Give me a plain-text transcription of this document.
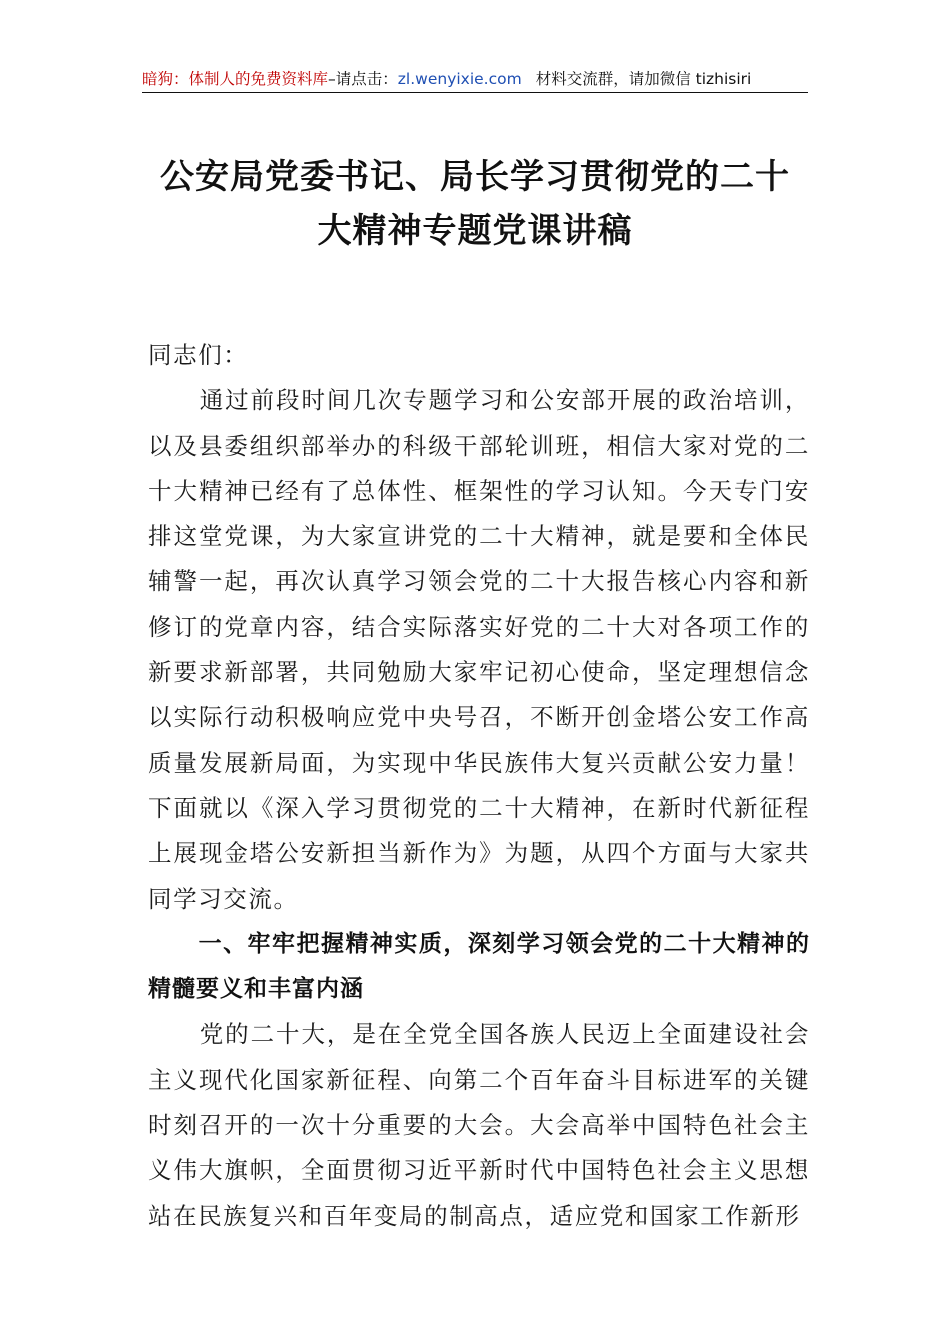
暗狗：体制人的免费资料库–请点击：zl.wenyixie.com 材料交流群，请加微信 tizhisiri
公安局党委书记、局长学习贯彻党的二十
大精神专题党课讲稿

同志们：

通过前段时间几次专题学习和公安部开展的政治培训，以及县委组织部举办的科级干部轮训班，相信大家对党的二十大精神已经有了总体性、框架性的学习认知。今天专门安排这堂党课，为大家宣讲党的二十大精神，就是要和全体民辅警一起，再次认真学习领会党的二十大报告核心内容和新修订的党章内容，结合实际落实好党的二十大对各项工作的新要求新部署，共同勉励大家牢记初心使命，坚定理想信念以实际行动积极响应党中央号召，不断开创金塔公安工作高质量发展新局面，为实现中华民族伟大复兴贡献公安力量！下面就以《深入学习贯彻党的二十大精神，在新时代新征程上展现金塔公安新担当新作为》为题，从四个方面与大家共同学习交流。

一、牢牢把握精神实质，深刻学习领会党的二十大精神的精髓要义和丰富内涵

党的二十大，是在全党全国各族人民迈上全面建设社会主义现代化国家新征程、向第二个百年奋斗目标进军的关键时刻召开的一次十分重要的大会。大会高举中国特色社会主义伟大旗帜，全面贯彻习近平新时代中国特色社会主义思想站在民族复兴和百年变局的制高点，适应党和国家工作新形
